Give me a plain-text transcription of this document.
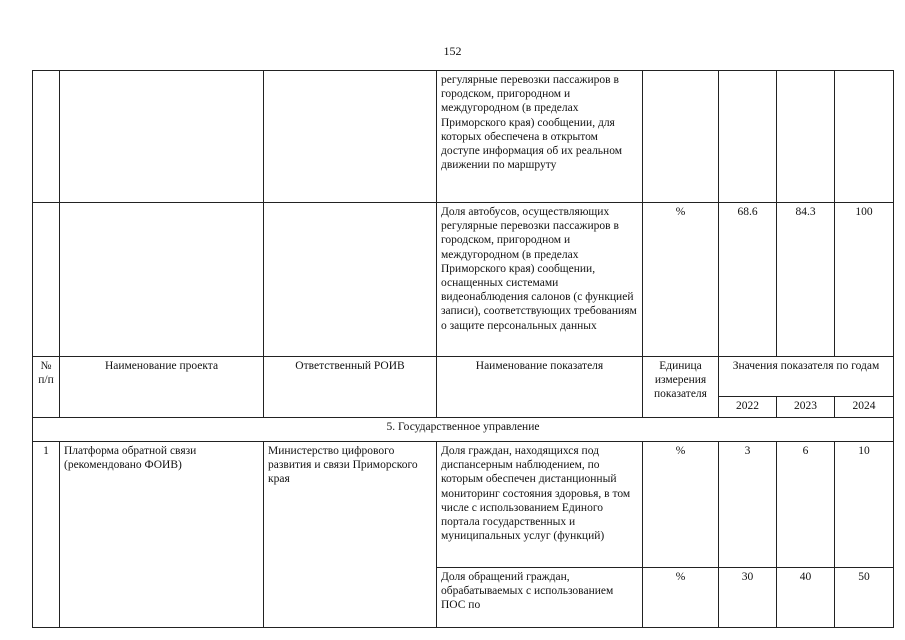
152
			регулярные перевозки пассажиров в городском, пригородном и междугородном (в пределах Приморского края) сообщении, для которых обеспечена в открытом доступе информация об их реальном движении по маршруту				
			Доля автобусов, осуществляющих регулярные перевозки пассажиров в городском, пригородном и междугородном (в пределах Приморского края) сообщении, оснащенных системами видеонаблюдения салонов (с функцией записи), соответствующих требованиям о защите персональных данных	%	68.6	84.3	100
№ п/п	Наименование проекта	Ответственный РОИВ	Наименование показателя	Единица измерения показателя	Значения показателя по годам		
					2022	2023	2024
5. Государственное управление							
1	Платформа обратной связи (рекомендовано ФОИВ)	Министерство цифрового развития и связи Приморского края	Доля граждан, находящихся под диспансерным наблюдением, по которым обеспечен дистанционный мониторинг состояния здоровья, в том числе с использованием Единого портала государственных и муниципальных услуг (функций)	%	3	6	10
			Доля обращений граждан, обрабатываемых с использованием ПОС по	%	30	40	50
